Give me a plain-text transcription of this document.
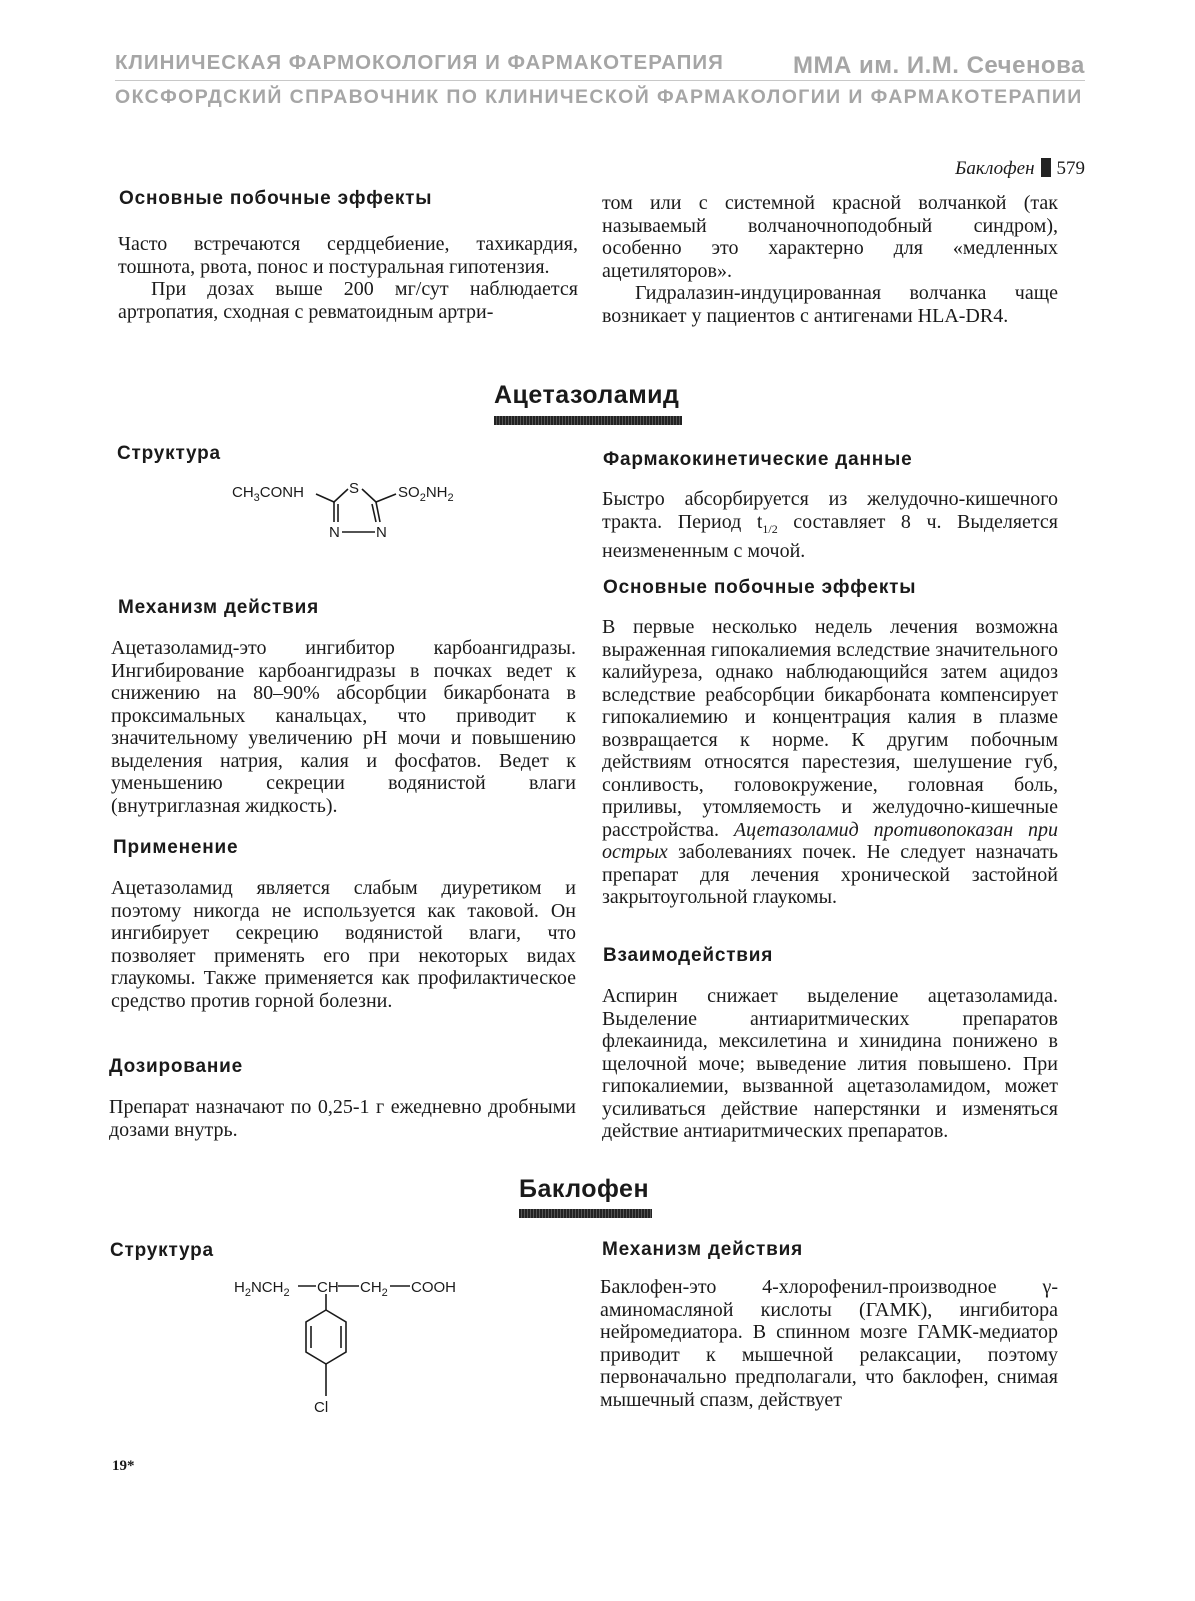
КЛИНИЧЕСКАЯ ФАРМОКОЛОГИЯ И ФАРМАКОТЕРАПИЯ	ММА им. И.М. Сеченова
ОКСФОРДСКИЙ СПРАВОЧНИК ПО КЛИНИЧЕСКОЙ ФАРМАКОЛОГИИ И ФАРМАКОТЕРАПИИ
Баклофен 579
Основные побочные эффекты

Часто встречаются сердцебиение, тахикардия, тошнота, рвота, понос и постуральная гипотензия.

При дозах выше 200 мг/сут наблюдается артропатия, сходная с ревматоидным артри-

том или с системной красной волчанкой (так называемый волчаночноподобный синдром), особенно это характерно для «медленных ацетиляторов».

Гидралазин-индуцированная волчанка чаще возникает у пациентов с антигенами HLA-DR4.

Ацетазоламид
Структура
$CH_3CONH$	S	$SO_2NH_2$
N N
Механизм действия

Ацетазоламид-это ингибитор карбоангидразы. Ингибирование карбоангидразы в почках ведет к снижению на 80–90% абсорбции бикарбоната в проксимальных канальцах, что приводит к значительному увеличению pH мочи и повышению выделения натрия, калия и фосфатов. Ведет к уменьшению секреции водянистой влаги (внутриглазная жидкость).

Применение

Ацетазоламид является слабым диуретиком и поэтому никогда не используется как таковой. Он ингибирует секрецию водянистой влаги, что позволяет применять его при некоторых видах глаукомы. Также применяется как профилактическое средство против горной болезни.

Дозирование

Препарат назначают по 0,25-1 г ежедневно дробными дозами внутрь.

Фармакокинетические данные

Быстро абсорбируется из желудочно-кишечного тракта. Период $t_{1/2}$ составляет 8 ч. Выделяется неизмененным с мочой.

Основные побочные эффекты

В первые несколько недель лечения возможна выраженная гипокалиемия вследствие значительного калийуреза, однако наблюдающийся затем ацидоз вследствие реабсорбции бикарбоната компенсирует гипокалиемию и концентрация калия в плазме возвращается к норме. К другим побочным действиям относятся парестезия, шелушение губ, сонливость, головокружение, головная боль, приливы, утомляемость и желудочно-кишечные расстройства. Ацетазоламид противопоказан при острых заболеваниях почек. Не следует назначать препарат для лечения хронической застойной закрытоугольной глаукомы.

Взаимодействия

Аспирин снижает выделение ацетазоламида. Выделение антиаритмических препаратов флекаинида, мексилетина и хинидина понижено в щелочной моче; выведение лития повышено. При гипокалиемии, вызванной ацетазоламидом, может усиливаться действие наперстянки и изменяться действие антиаритмических препаратов.

Баклофен
Структура
$H_2NCH_2$ CH $CH_2$ COOH
Cl
Механизм действия

Баклофен-это 4-хлорофенил-производное γ-аминомасляной кислоты (ГАМК), ингибитора нейромедиатора. В спинном мозге ГАМК-медиатор приводит к мышечной релаксации, поэтому первоначально предполагали, что баклофен, снимая мышечный спазм, действует

19*
